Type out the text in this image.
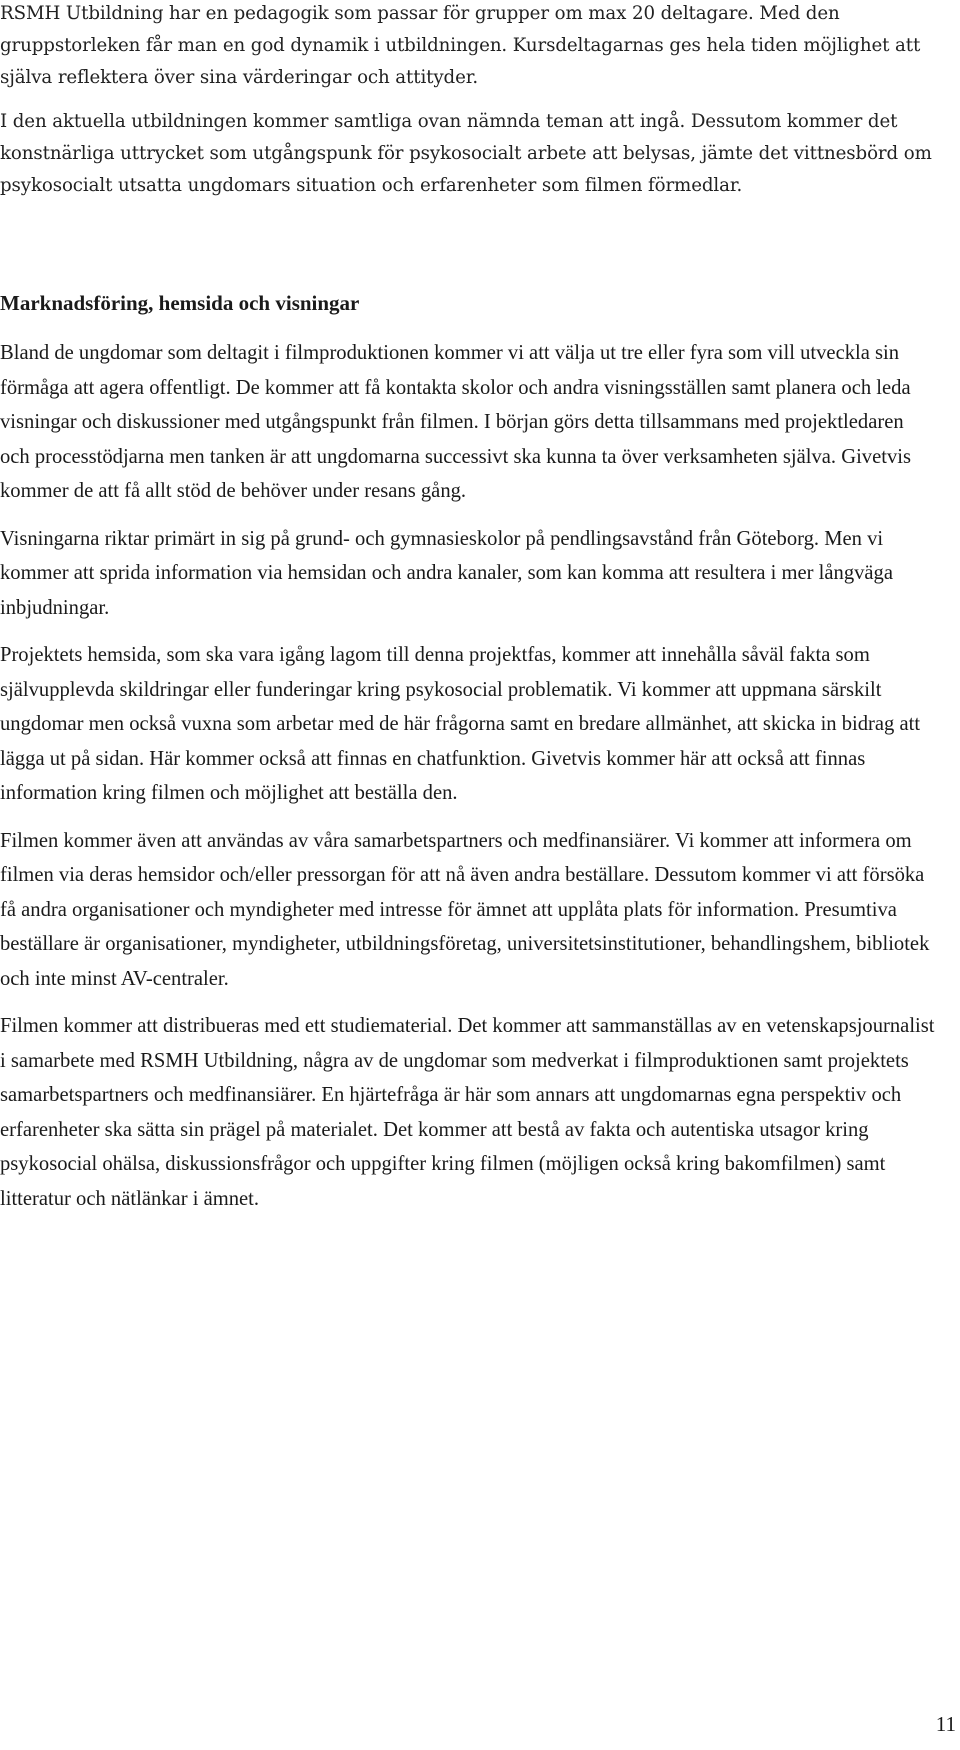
RSMH Utbildning har en pedagogik som passar för grupper om max 20 deltagare. Med den gruppstorleken får man en god dynamik i utbildningen. Kursdeltagarnas ges hela tiden möjlighet att själva reflektera över sina värderingar och attityder.

I den aktuella utbildningen kommer samtliga ovan nämnda teman att ingå. Dessutom kommer det konstnärliga uttrycket som utgångspunk för psykosocialt arbete att belysas, jämte det vittnesbörd om psykosocialt utsatta ungdomars situation och erfarenheter som filmen förmedlar.

Marknadsföring, hemsida och visningar

Bland de ungdomar som deltagit i filmproduktionen kommer vi att välja ut tre eller fyra som vill utveckla sin förmåga att agera offentligt. De kommer att få kontakta skolor och andra visningsställen samt planera och leda visningar och diskussioner med utgångspunkt från filmen. I början görs detta tillsammans med projektledaren och processtödjarna men tanken är att ungdomarna successivt ska kunna ta över verksamheten själva. Givetvis kommer de att få allt stöd de behöver under resans gång.

Visningarna riktar primärt in sig på grund- och gymnasieskolor på pendlingsavstånd från Göteborg. Men vi kommer att sprida information via hemsidan och andra kanaler, som kan komma att resultera i mer långväga inbjudningar.

Projektets hemsida, som ska vara igång lagom till denna projektfas, kommer att innehålla såväl fakta som självupplevda skildringar eller funderingar kring psykosocial problematik. Vi kommer att uppmana särskilt ungdomar men också vuxna som arbetar med de här frågorna samt en bredare allmänhet, att skicka in bidrag att lägga ut på sidan. Här kommer också att finnas en chatfunktion. Givetvis kommer här att också att finnas information kring filmen och möjlighet att beställa den.

Filmen kommer även att användas av våra samarbetspartners och medfinansiärer. Vi kommer att informera om filmen via deras hemsidor och/eller pressorgan för att nå även andra beställare. Dessutom kommer vi att försöka få andra organisationer och myndigheter med intresse för ämnet att upplåta plats för information. Presumtiva beställare är organisationer, myndigheter, utbildningsföretag, universitetsinstitutioner, behandlingshem, bibliotek och inte minst AV-centraler.

Filmen kommer att distribueras med ett studiematerial. Det kommer att sammanställas av en vetenskapsjournalist i samarbete med RSMH Utbildning, några av de ungdomar som medverkat i filmproduktionen samt projektets samarbetspartners och medfinansiärer. En hjärtefråga är här som annars att ungdomarnas egna perspektiv och erfarenheter ska sätta sin prägel på materialet. Det kommer att bestå av fakta och autentiska utsagor kring psykosocial ohälsa, diskussionsfrågor och uppgifter kring filmen (möjligen också kring bakomfilmen) samt litteratur och nätlänkar i ämnet.

11
